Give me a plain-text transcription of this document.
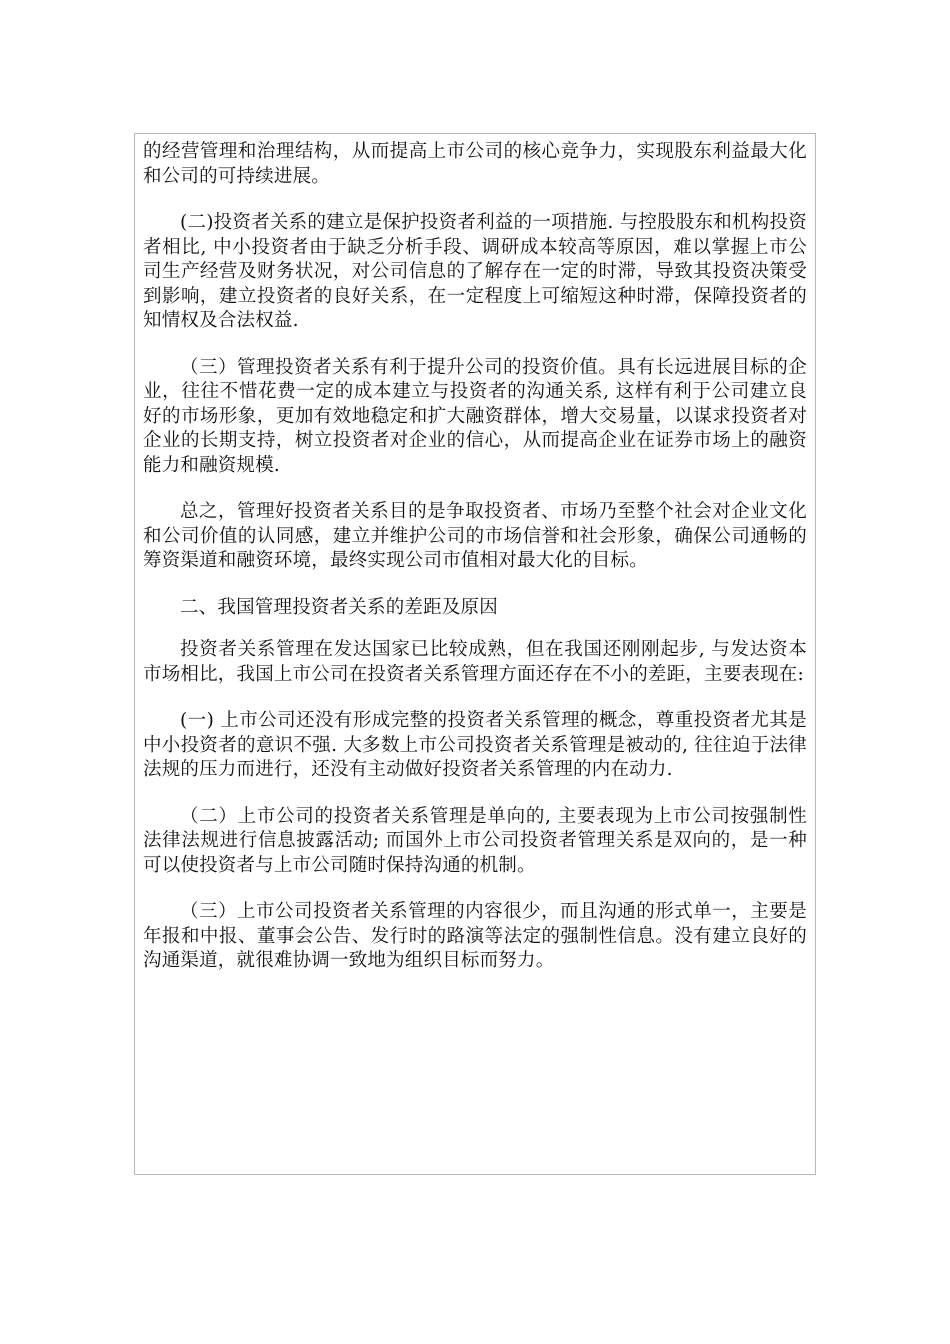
的经营管理和治理结构，从而提高上市公司的核心竞争力，实现股东利益最大化和公司的可持续进展。

(二)投资者关系的建立是保护投资者利益的一项措施. 与控股股东和机构投资者相比, 中小投资者由于缺乏分析手段、调研成本较高等原因，难以掌握上市公司生产经营及财务状况，对公司信息的了解存在一定的时滞，导致其投资决策受到影响，建立投资者的良好关系，在一定程度上可缩短这种时滞，保障投资者的知情权及合法权益.

（三）管理投资者关系有利于提升公司的投资价值。具有长远进展目标的企业，往往不惜花费一定的成本建立与投资者的沟通关系, 这样有利于公司建立良好的市场形象，更加有效地稳定和扩大融资群体，增大交易量，以谋求投资者对企业的长期支持，树立投资者对企业的信心，从而提高企业在证券市场上的融资能力和融资规模.

总之，管理好投资者关系目的是争取投资者、市场乃至整个社会对企业文化和公司价值的认同感，建立并维护公司的市场信誉和社会形象，确保公司通畅的筹资渠道和融资环境，最终实现公司市值相对最大化的目标。

二、我国管理投资者关系的差距及原因

投资者关系管理在发达国家已比较成熟，但在我国还刚刚起步, 与发达资本市场相比，我国上市公司在投资者关系管理方面还存在不小的差距，主要表现在:

(一) 上市公司还没有形成完整的投资者关系管理的概念，尊重投资者尤其是中小投资者的意识不强. 大多数上市公司投资者关系管理是被动的, 往往迫于法律法规的压力而进行，还没有主动做好投资者关系管理的内在动力.

（二）上市公司的投资者关系管理是单向的, 主要表现为上市公司按强制性法律法规进行信息披露活动; 而国外上市公司投资者管理关系是双向的，是一种可以使投资者与上市公司随时保持沟通的机制。

（三）上市公司投资者关系管理的内容很少，而且沟通的形式单一，主要是年报和中报、董事会公告、发行时的路演等法定的强制性信息。没有建立良好的沟通渠道，就很难协调一致地为组织目标而努力。
